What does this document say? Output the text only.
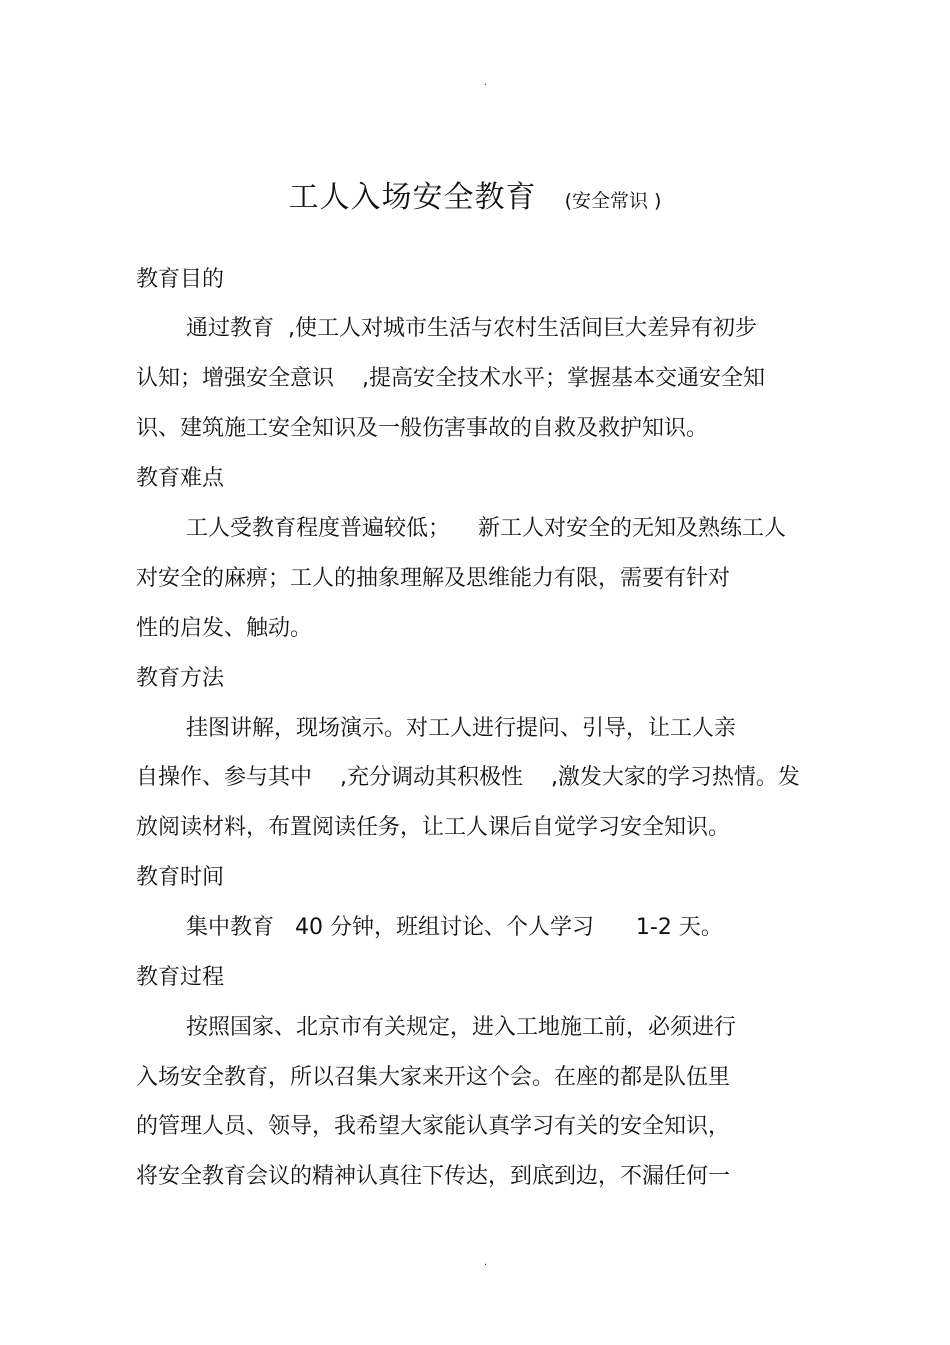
.
工人入场安全教育 (安全常识 )
教育目的
通过教育  ,使工人对城市生活与农村生活间巨大差异有初步
认知；增强安全意识    ,提高安全技术水平；掌握基本交通安全知
识、建筑施工安全知识及一般伤害事故的自救及救护知识。
教育难点
工人受教育程度普遍较低；    新工人对安全的无知及熟练工人
对安全的麻痹；工人的抽象理解及思维能力有限，需要有针对
性的启发、触动。
教育方法
挂图讲解，现场演示。对工人进行提问、引导，让工人亲
自操作、参与其中    ,充分调动其积极性    ,激发大家的学习热情。发
放阅读材料，布置阅读任务，让工人课后自觉学习安全知识。
教育时间
集中教育   40 分钟，班组讨论、个人学习      1-2 天。
教育过程
按照国家、北京市有关规定，进入工地施工前，必须进行
入场安全教育，所以召集大家来开这个会。在座的都是队伍里
的管理人员、领导，我希望大家能认真学习有关的安全知识，
将安全教育会议的精神认真往下传达，到底到边，不漏任何一
.
